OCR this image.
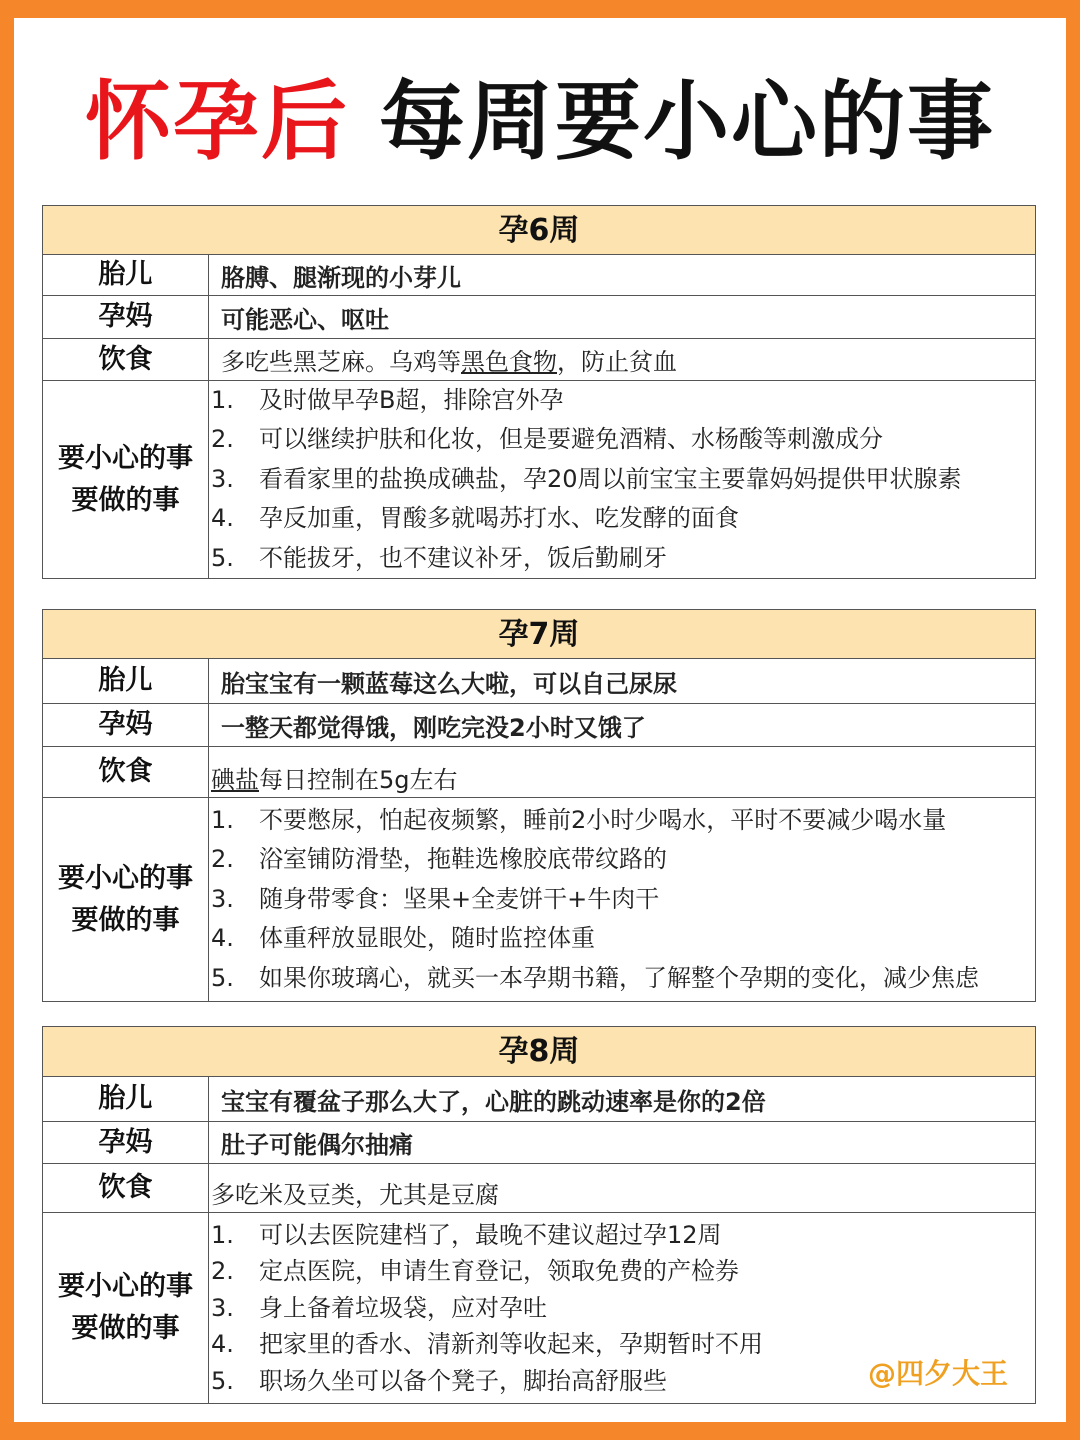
怀孕后 每周要小心的事
孕6周
胎儿	胳膊、腿渐现的小芽儿
孕妈	可能恶心、呕吐
饮食	多吃些黑芝麻。乌鸡等 黑色食物 ，防止贫血
要小心的事
要做的事
1.	及时做早孕B超，排除宫外孕
2.	可以继续护肤和化妆，但是要避免酒精、水杨酸等刺激成分
3.	看看家里的盐换成碘盐，孕20周以前宝宝主要靠妈妈提供甲状腺素
4.	孕反加重，胃酸多就喝苏打水、吃发酵的面食
5.	不能拔牙，也不建议补牙，饭后勤刷牙
孕7周
胎儿	胎宝宝有一颗蓝莓这么大啦，可以自己尿尿
孕妈	一整天都觉得饿，刚吃完没2小时又饿了
饮食	碘盐 每日控制在5g左右
要小心的事
要做的事
1.	不要憋尿，怕起夜频繁，睡前2小时少喝水，平时不要减少喝水量
2.	浴室铺防滑垫，拖鞋选橡胶底带纹路的
3.	随身带零食：坚果+全麦饼干+牛肉干
4.	体重秤放显眼处，随时监控体重
5.	如果你玻璃心，就买一本孕期书籍，了解整个孕期的变化，减少焦虑
孕8周
胎儿	宝宝有覆盆子那么大了，心脏的跳动速率是你的2倍
孕妈	肚子可能偶尔抽痛
饮食	多吃米及豆类，尤其是豆腐
要小心的事
要做的事
1.	可以去医院建档了，最晚不建议超过孕12周
2.	定点医院，申请生育登记，领取免费的产检券
3.	身上备着垃圾袋，应对孕吐
4.	把家里的香水、清新剂等收起来，孕期暂时不用
5.	职场久坐可以备个凳子，脚抬高舒服些	@四夕大王
